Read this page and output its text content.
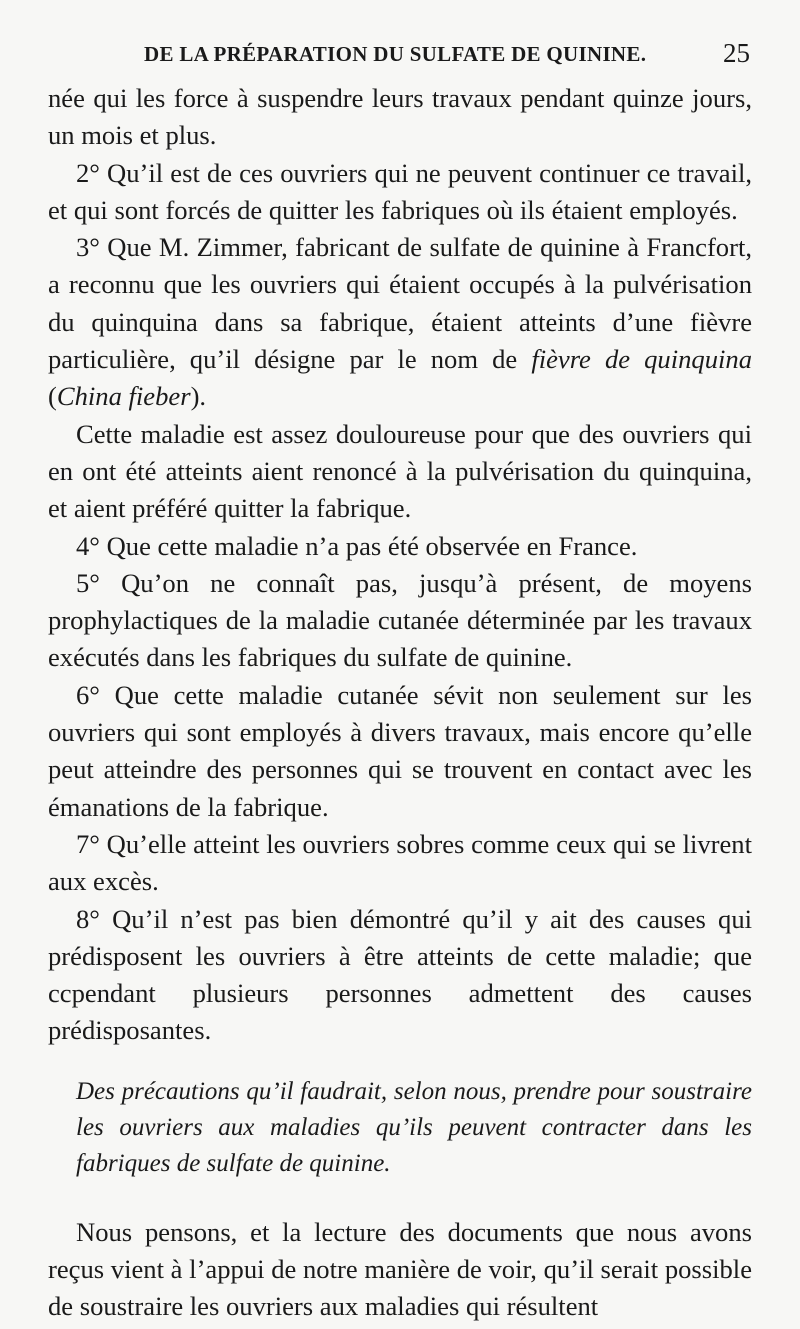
DE LA PRÉPARATION DU SULFATE DE QUININE.	25

née qui les force à suspendre leurs travaux pendant quinze jours, un mois et plus.

2° Qu’il est de ces ouvriers qui ne peuvent continuer ce travail, et qui sont forcés de quitter les fabriques où ils étaient employés.

3° Que M. Zimmer, fabricant de sulfate de quinine à Francfort, a reconnu que les ouvriers qui étaient occupés à la pulvérisation du quinquina dans sa fabrique, étaient atteints d’une fièvre particulière, qu’il désigne par le nom de fièvre de quinquina (China fieber).

Cette maladie est assez douloureuse pour que des ouvriers qui en ont été atteints aient renoncé à la pulvérisation du quinquina, et aient préféré quitter la fabrique.

4° Que cette maladie n’a pas été observée en France.

5° Qu’on ne connaît pas, jusqu’à présent, de moyens prophylactiques de la maladie cutanée déterminée par les travaux exécutés dans les fabriques du sulfate de quinine.

6° Que cette maladie cutanée sévit non seulement sur les ouvriers qui sont employés à divers travaux, mais encore qu’elle peut atteindre des personnes qui se trouvent en contact avec les émanations de la fabrique.

7° Qu’elle atteint les ouvriers sobres comme ceux qui se livrent aux excès.

8° Qu’il n’est pas bien démontré qu’il y ait des causes qui prédisposent les ouvriers à être atteints de cette maladie; que ccpendant plusieurs personnes admettent des causes prédisposantes.

Des précautions qu’il faudrait, selon nous, prendre pour soustraire les ouvriers aux maladies qu’ils peuvent contracter dans les fabriques de sulfate de quinine.

Nous pensons, et la lecture des documents que nous avons reçus vient à l’appui de notre manière de voir, qu’il serait possible de soustraire les ouvriers aux maladies qui résultent
